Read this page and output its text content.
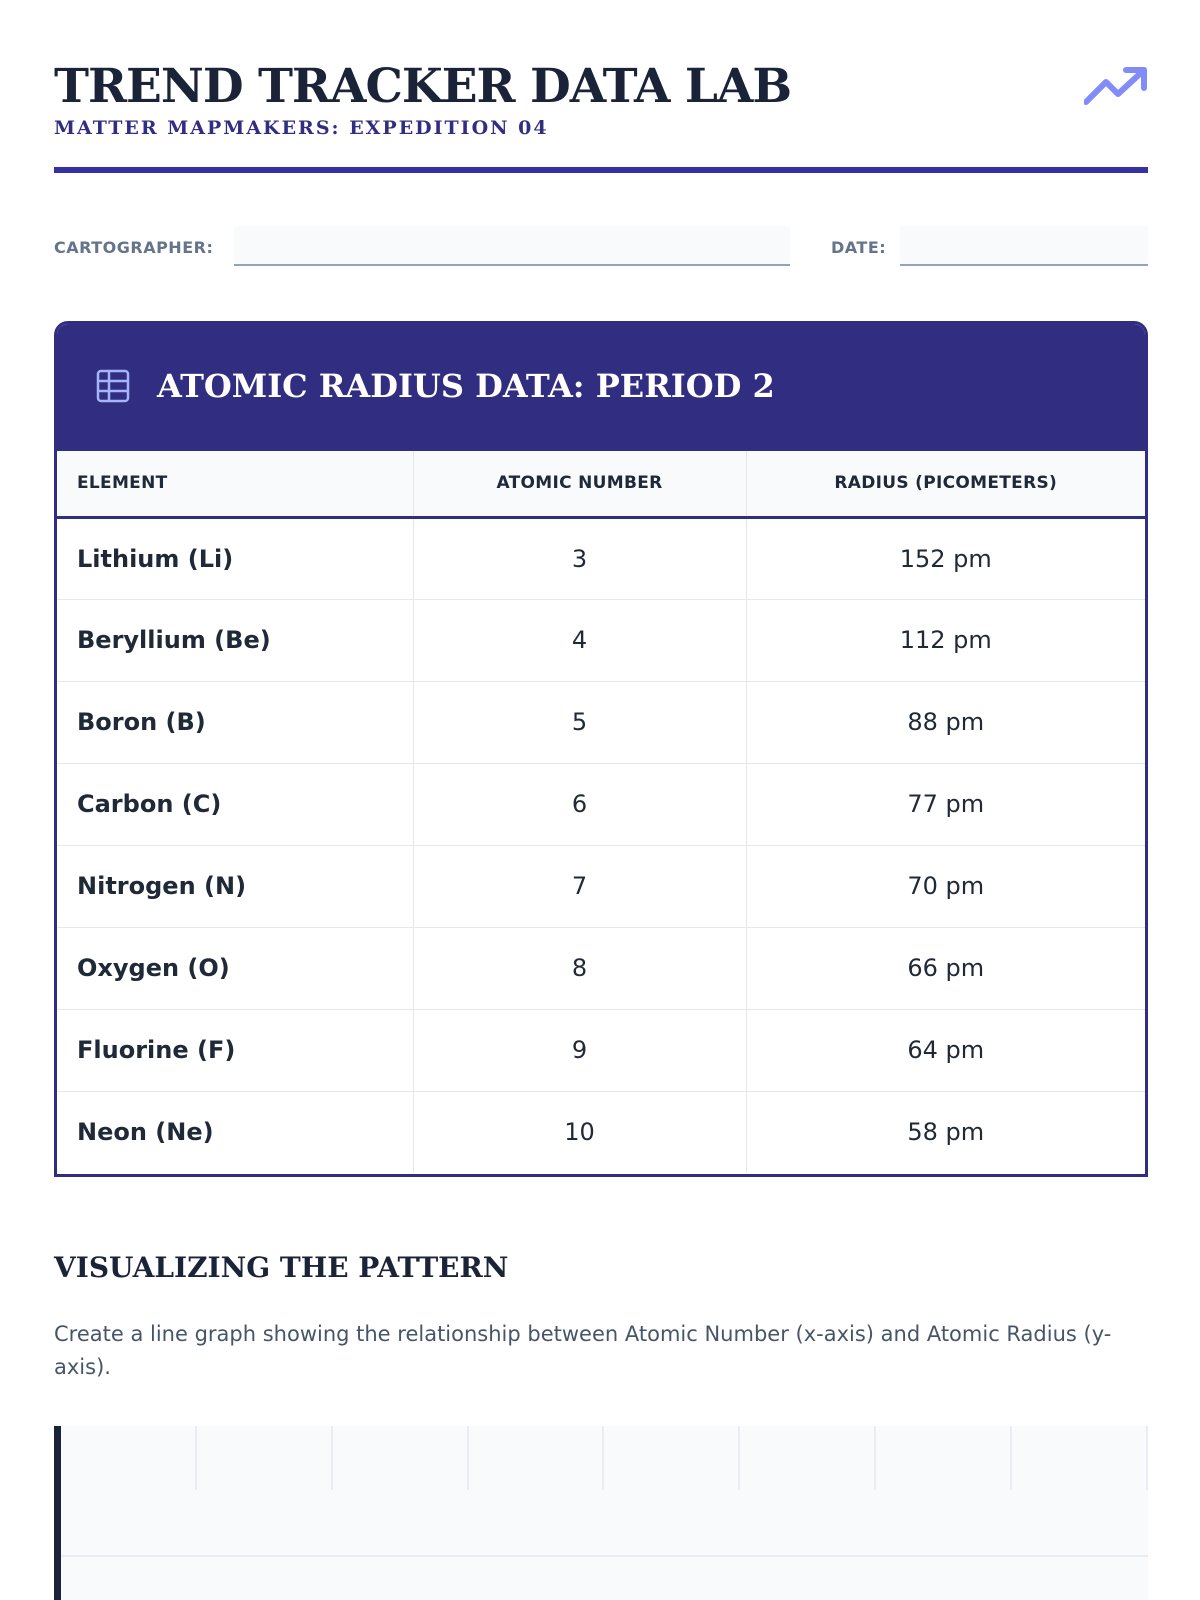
TREND TRACKER DATA LAB
MATTER MAPMAKERS: EXPEDITION 04
CARTOGRAPHER:	DATE:
ATOMIC RADIUS DATA: PERIOD 2
ELEMENT	ATOMIC NUMBER	RADIUS (PICOMETERS)
Lithium (Li)	3	152 pm
Beryllium (Be)	4	112 pm
Boron (B)	5	88 pm
Carbon (C)	6	77 pm
Nitrogen (N)	7	70 pm
Oxygen (O)	8	66 pm
Fluorine (F)	9	64 pm
Neon (Ne)	10	58 pm
VISUALIZING THE PATTERN

Create a line graph showing the relationship between Atomic Number (x-axis) and Atomic Radius (y-axis).
